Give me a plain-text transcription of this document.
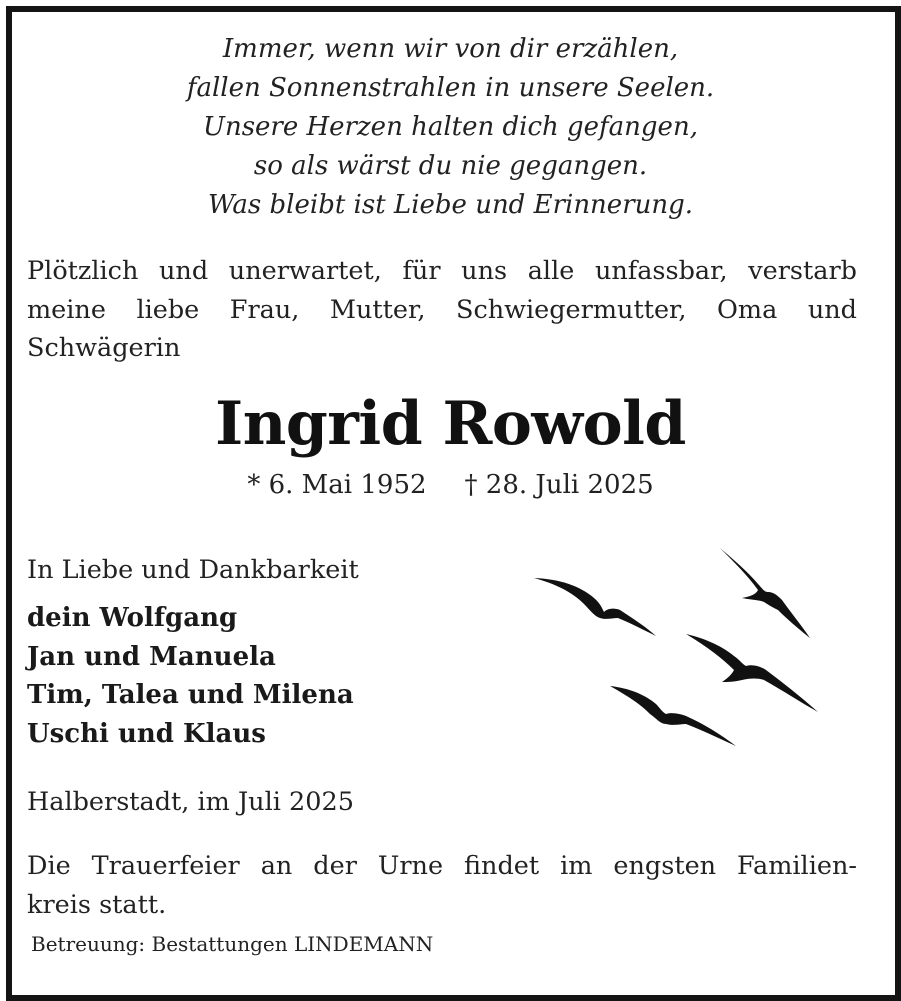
Immer, wenn wir von dir erzählen,
fallen Sonnenstrahlen in unsere Seelen.
Unsere Herzen halten dich gefangen,
so als wärst du nie gegangen.
Was bleibt ist Liebe und Erinnerung.
Plötzlich und unerwartet, für uns alle unfassbar, verstarb
meine liebe Frau, Mutter, Schwiegermutter, Oma und
Schwägerin
Ingrid Rowold
* 6. Mai 1952 † 28. Juli 2025
In Liebe und Dankbarkeit
dein Wolfgang
Jan und Manuela
Tim, Talea und Milena
Uschi und Klaus
Halberstadt, im Juli 2025
Die Trauerfeier an der Urne findet im engsten Familien-
kreis statt.
Betreuung: Bestattungen LINDEMANN
